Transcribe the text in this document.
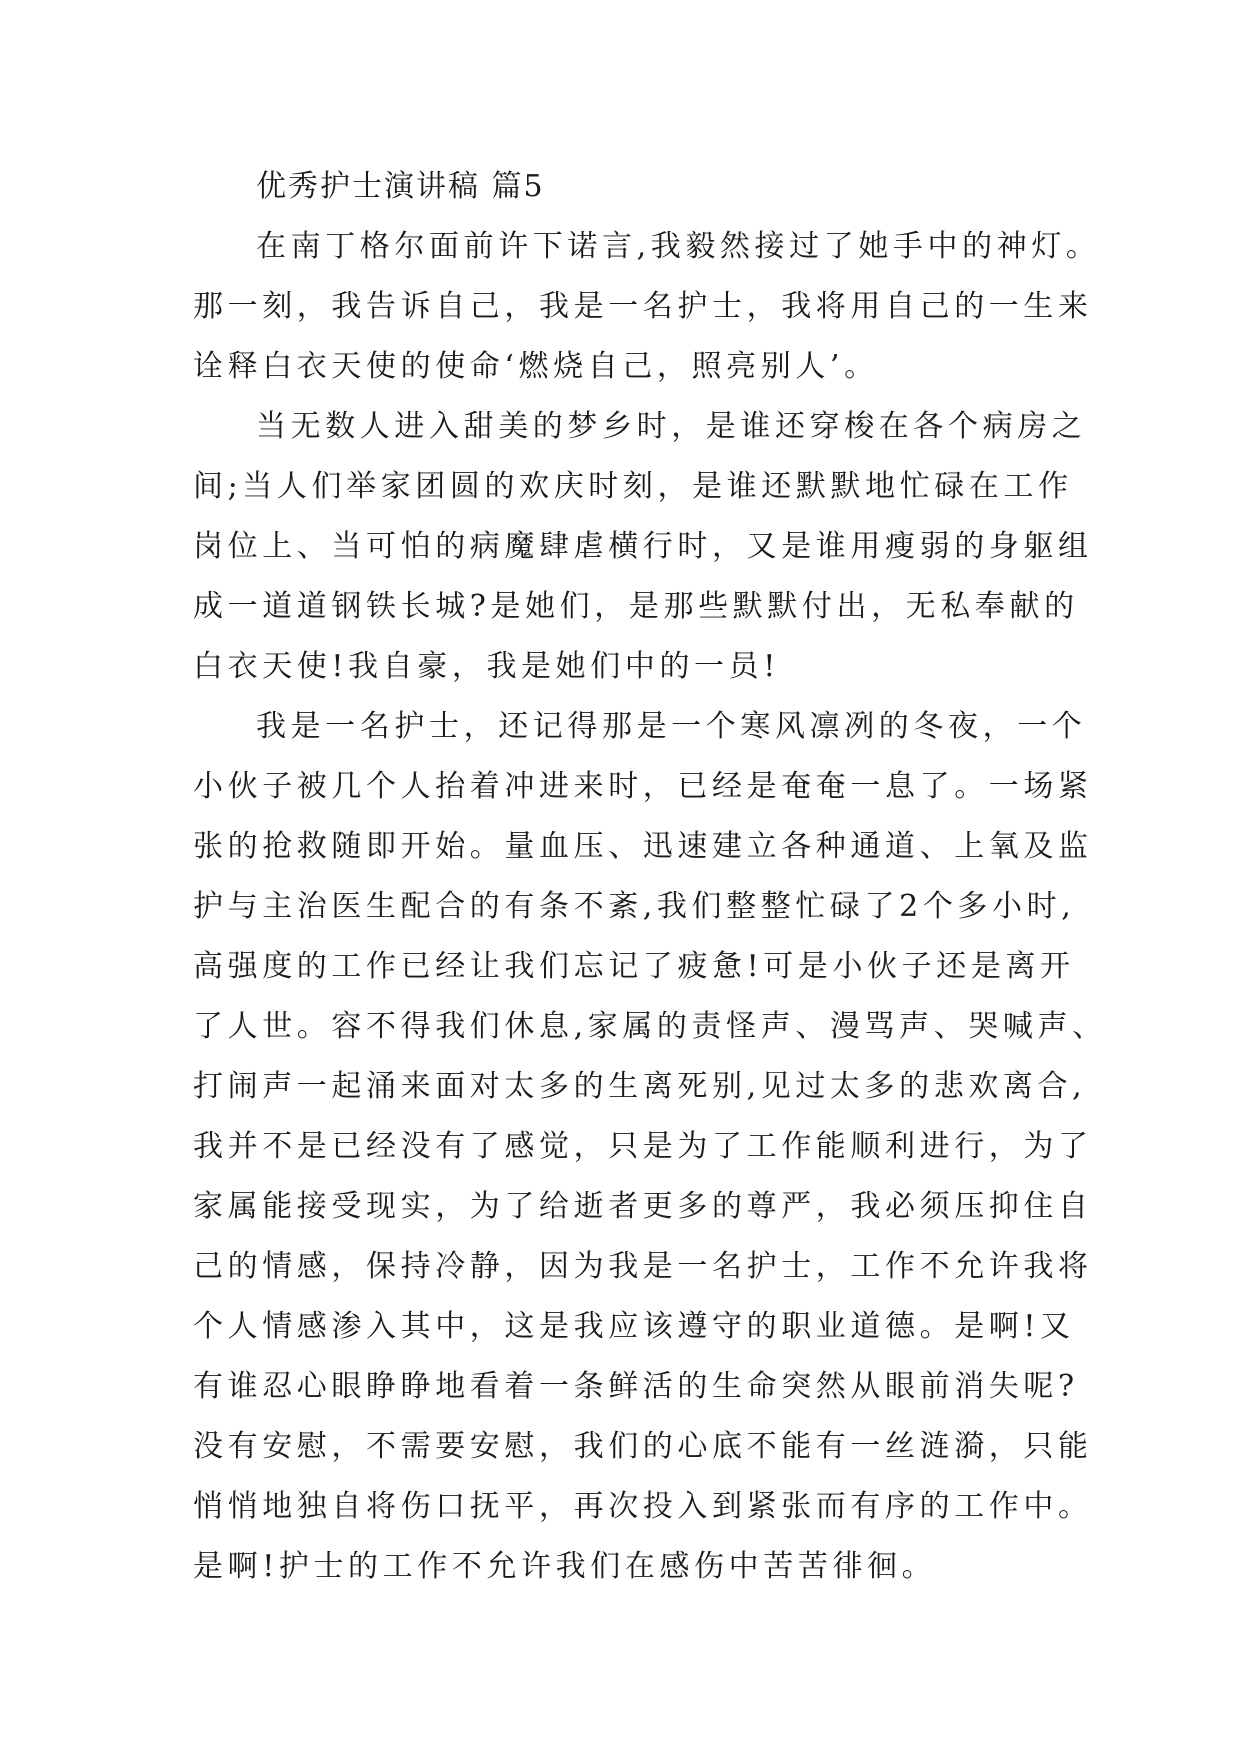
优秀护士演讲稿 篇5
在南丁格尔面前许下诺言,我毅然接过了她手中的神灯。
那一刻，我告诉自己，我是一名护士，我将用自己的一生来
诠释白衣天使的使命‘燃烧自己，照亮别人’。
当无数人进入甜美的梦乡时，是谁还穿梭在各个病房之
间;当人们举家团圆的欢庆时刻，是谁还默默地忙碌在工作
岗位上、当可怕的病魔肆虐横行时，又是谁用瘦弱的身躯组
成一道道钢铁长城?是她们，是那些默默付出，无私奉献的
白衣天使!我自豪，我是她们中的一员!
我是一名护士，还记得那是一个寒风凛冽的冬夜，一个
小伙子被几个人抬着冲进来时，已经是奄奄一息了。一场紧
张的抢救随即开始。量血压、迅速建立各种通道、上氧及监
护与主治医生配合的有条不紊,我们整整忙碌了2个多小时,
高强度的工作已经让我们忘记了疲惫!可是小伙子还是离开
了人世。容不得我们休息,家属的责怪声、漫骂声、哭喊声、
打闹声一起涌来面对太多的生离死别,见过太多的悲欢离合,
我并不是已经没有了感觉，只是为了工作能顺利进行，为了
家属能接受现实，为了给逝者更多的尊严，我必须压抑住自
己的情感，保持冷静，因为我是一名护士，工作不允许我将
个人情感渗入其中，这是我应该遵守的职业道德。是啊!又
有谁忍心眼睁睁地看着一条鲜活的生命突然从眼前消失呢?
没有安慰，不需要安慰，我们的心底不能有一丝涟漪，只能
悄悄地独自将伤口抚平，再次投入到紧张而有序的工作中。
是啊!护士的工作不允许我们在感伤中苦苦徘徊。
